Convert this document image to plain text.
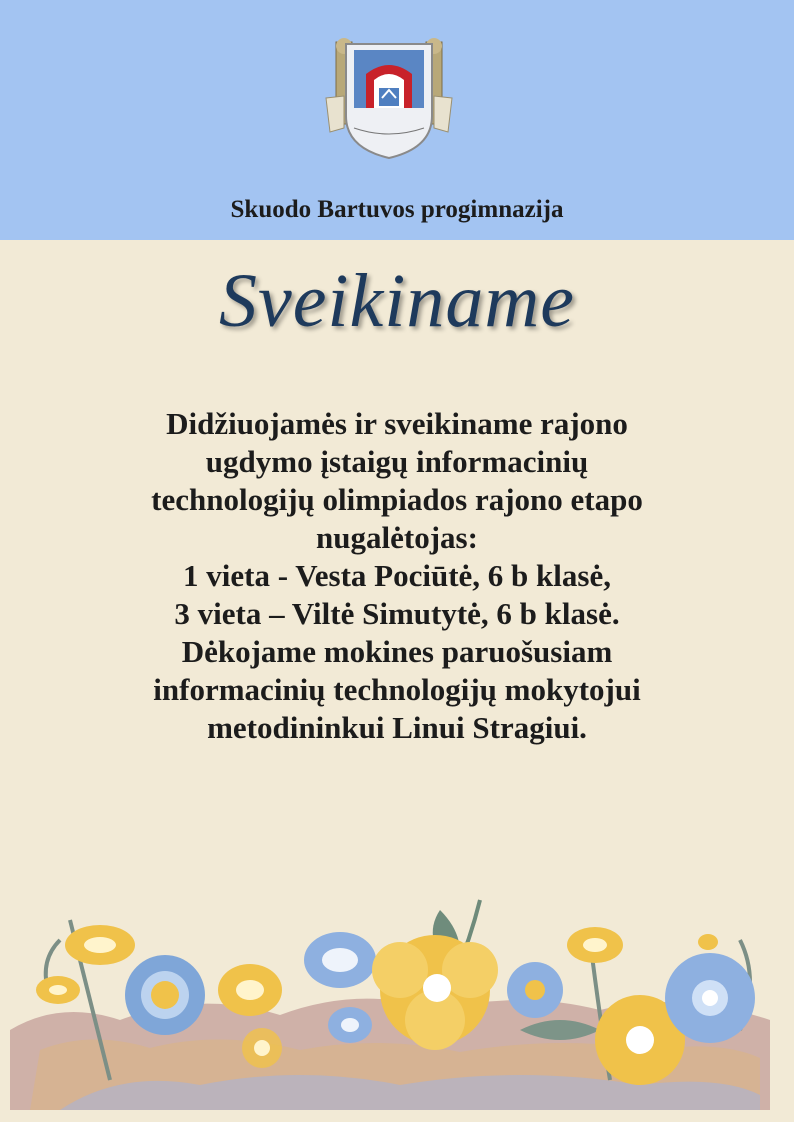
Skuodo Bartuvos progimnazija
Sveikiname
Didžiuojamės ir sveikiname rajono
ugdymo įstaigų informacinių
technologijų olimpiados rajono etapo
nugalėtojas:
1 vieta - Vesta Pociūtė, 6 b klasė,
3 vieta – Viltė Simutytė, 6 b klasė.
Dėkojame mokines paruošusiam
informacinių technologijų mokytojui
metodininkui Linui Stragiui.
